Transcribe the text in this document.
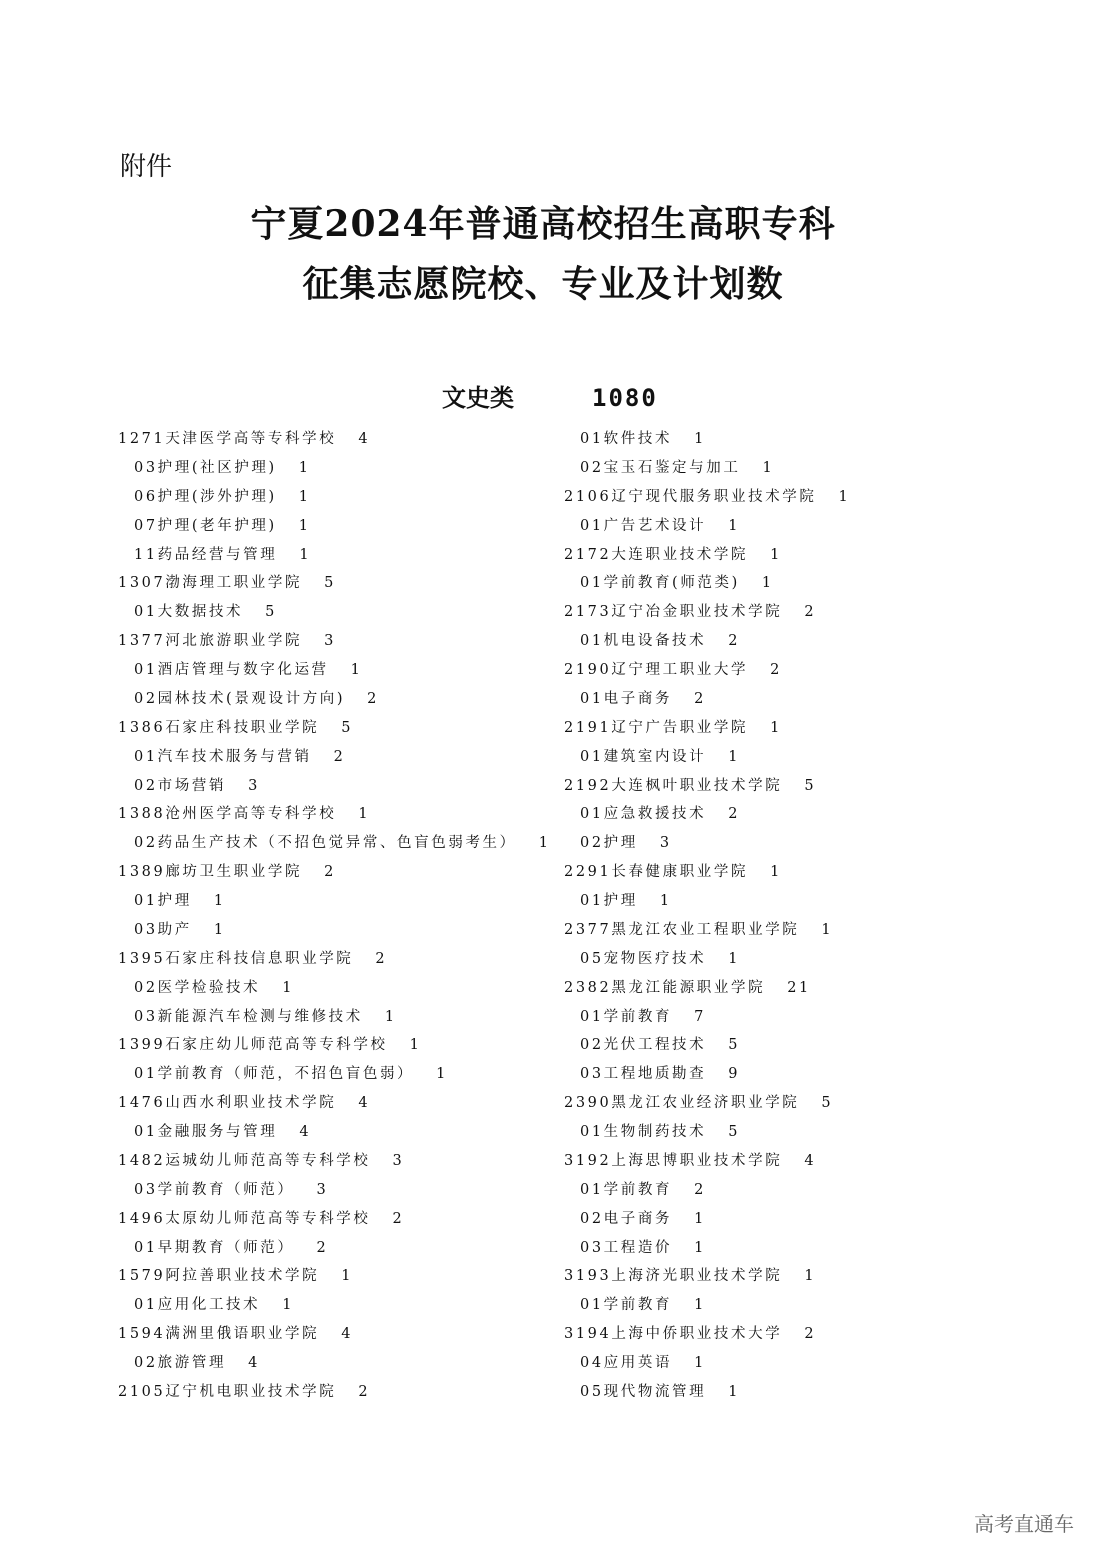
附件
宁夏2024年普通高校招生高职专科
征集志愿院校、专业及计划数
文史类	1080
1271天津医学高等专科学校 4
03护理(社区护理) 1
06护理(涉外护理) 1
07护理(老年护理) 1
11药品经营与管理 1
1307渤海理工职业学院 5
01大数据技术 5
1377河北旅游职业学院 3
01酒店管理与数字化运营 1
02园林技术(景观设计方向) 2
1386石家庄科技职业学院 5
01汽车技术服务与营销 2
02市场营销 3
1388沧州医学高等专科学校 1
02药品生产技术（不招色觉异常、色盲色弱考生） 1
1389廊坊卫生职业学院 2
01护理 1
03助产 1
1395石家庄科技信息职业学院 2
02医学检验技术 1
03新能源汽车检测与维修技术 1
1399石家庄幼儿师范高等专科学校 1
01学前教育（师范，不招色盲色弱） 1
1476山西水利职业技术学院 4
01金融服务与管理 4
1482运城幼儿师范高等专科学校 3
03学前教育（师范） 3
1496太原幼儿师范高等专科学校 2
01早期教育（师范） 2
1579阿拉善职业技术学院 1
01应用化工技术 1
1594满洲里俄语职业学院 4
02旅游管理 4
2105辽宁机电职业技术学院 2
01软件技术 1
02宝玉石鉴定与加工 1
2106辽宁现代服务职业技术学院 1
01广告艺术设计 1
2172大连职业技术学院 1
01学前教育(师范类) 1
2173辽宁冶金职业技术学院 2
01机电设备技术 2
2190辽宁理工职业大学 2
01电子商务 2
2191辽宁广告职业学院 1
01建筑室内设计 1
2192大连枫叶职业技术学院 5
01应急救援技术 2
02护理 3
2291长春健康职业学院 1
01护理 1
2377黑龙江农业工程职业学院 1
05宠物医疗技术 1
2382黑龙江能源职业学院 21
01学前教育 7
02光伏工程技术 5
03工程地质勘查 9
2390黑龙江农业经济职业学院 5
01生物制药技术 5
3192上海思博职业技术学院 4
01学前教育 2
02电子商务 1
03工程造价 1
3193上海济光职业技术学院 1
01学前教育 1
3194上海中侨职业技术大学 2
04应用英语 1
05现代物流管理 1
高考直通车
